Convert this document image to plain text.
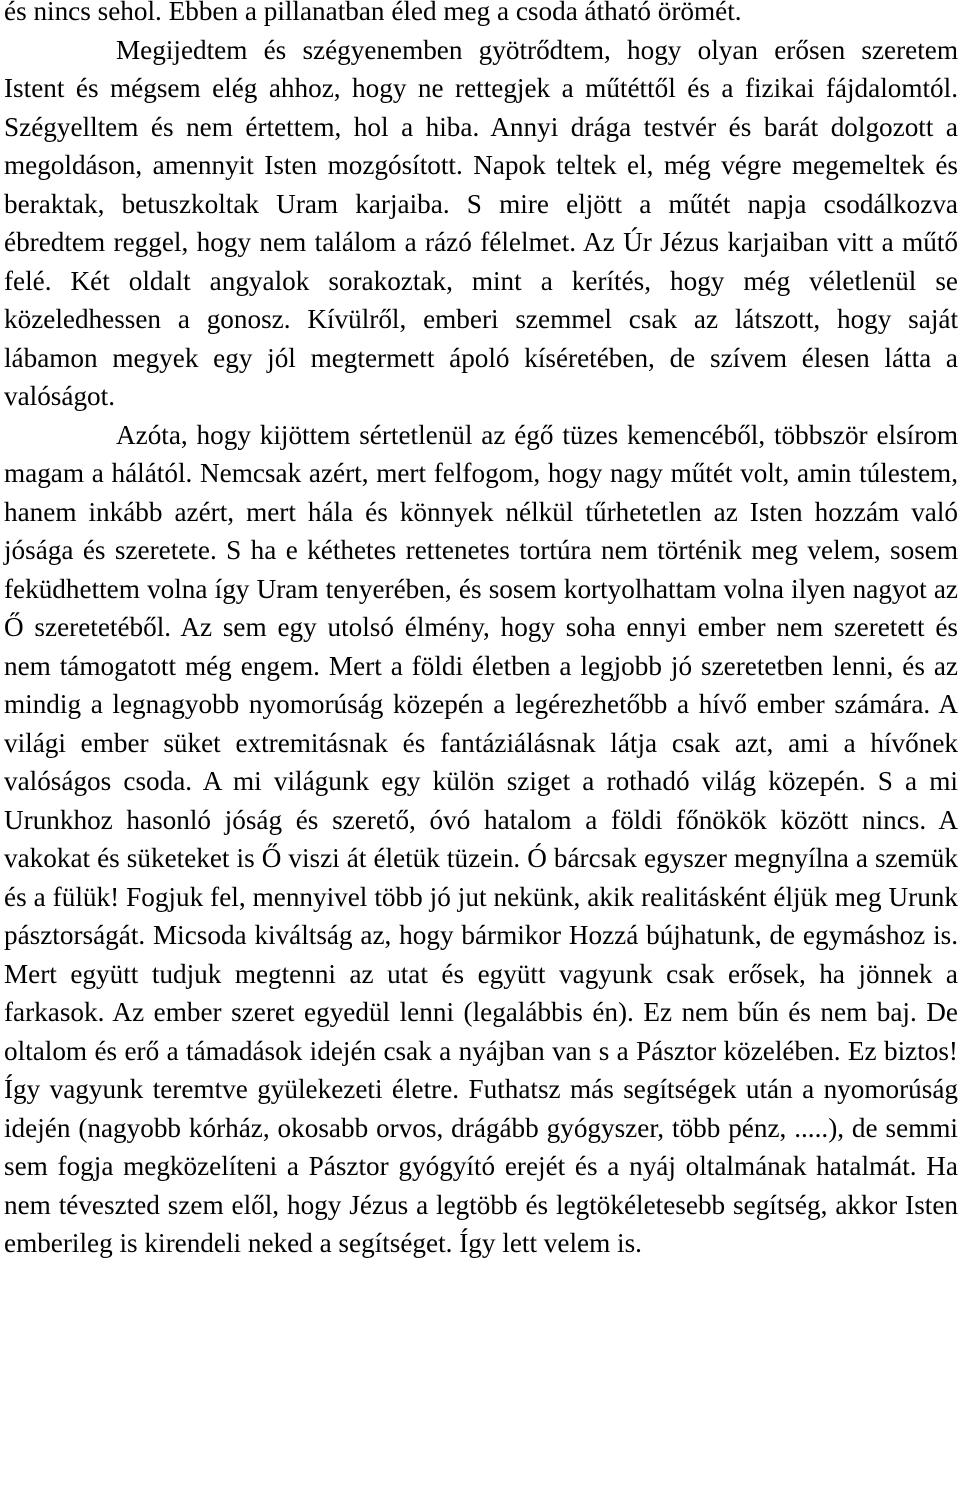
és nincs sehol. Ebben a pillanatban éled meg a csoda átható örömét.

Megijedtem és szégyenemben gyötrődtem, hogy olyan erősen szeretem Istent és mégsem elég ahhoz, hogy ne rettegjek a műtéttől és a fizikai fájdalomtól. Szégyelltem és nem értettem, hol a hiba. Annyi drága testvér és barát dolgozott a megoldáson, amennyit Isten mozgósított. Napok teltek el, még végre megemeltek és beraktak, betuszkoltak Uram karjaiba. S mire eljött a műtét napja csodálkozva ébredtem reggel, hogy nem találom a rázó félelmet. Az Úr Jézus karjaiban vitt a műtő felé. Két oldalt angyalok sorakoztak, mint a kerítés, hogy még véletlenül se közeledhessen a gonosz. Kívülről, emberi szemmel csak az látszott, hogy saját lábamon megyek egy jól megtermett ápoló kíséretében, de szívem élesen látta a valóságot.

Azóta, hogy kijöttem sértetlenül az égő tüzes kemencéből, többször elsírom magam a hálától. Nemcsak azért, mert felfogom, hogy nagy műtét volt, amin túlestem, hanem inkább azért, mert hála és könnyek nélkül tűrhetetlen az Isten hozzám való jósága és szeretete. S ha e kéthetes rettenetes tortúra nem történik meg velem, sosem feküdhettem volna így Uram tenyerében, és sosem kortyolhattam volna ilyen nagyot az Ő szeretetéből. Az sem egy utolsó élmény, hogy soha ennyi ember nem szeretett és nem támogatott még engem. Mert a földi életben a legjobb jó szeretetben lenni, és az mindig a legnagyobb nyomorúság közepén a legérezhetőbb a hívő ember számára. A világi ember süket extremitásnak és fantáziálásnak látja csak azt, ami a hívőnek valóságos csoda. A mi világunk egy külön sziget a rothadó világ közepén. S a mi Urunkhoz hasonló jóság és szerető, óvó hatalom a földi főnökök között nincs. A vakokat és süketeket is Ő viszi át életük tüzein. Ó bárcsak egyszer megnyílna a szemük és a fülük! Fogjuk fel, mennyivel több jó jut nekünk, akik realitásként éljük meg Urunk pásztorságát. Micsoda kiváltság az, hogy bármikor Hozzá bújhatunk, de egymáshoz is. Mert együtt tudjuk megtenni az utat és együtt vagyunk csak erősek, ha jönnek a farkasok. Az ember szeret egyedül lenni (legalábbis én). Ez nem bűn és nem baj. De oltalom és erő a támadások idején csak a nyájban van s a Pásztor közelében. Ez biztos! Így vagyunk teremtve gyülekezeti életre. Futhatsz más segítségek után a nyomorúság idején (nagyobb kórház, okosabb orvos, drágább gyógyszer, több pénz, .....), de semmi sem fogja megközelíteni a Pásztor gyógyító erejét és a nyáj oltalmának hatalmát. Ha nem téveszted szem elől, hogy Jézus a legtöbb és legtökéletesebb segítség, akkor Isten emberileg is kirendeli neked a segítséget. Így lett velem is.
